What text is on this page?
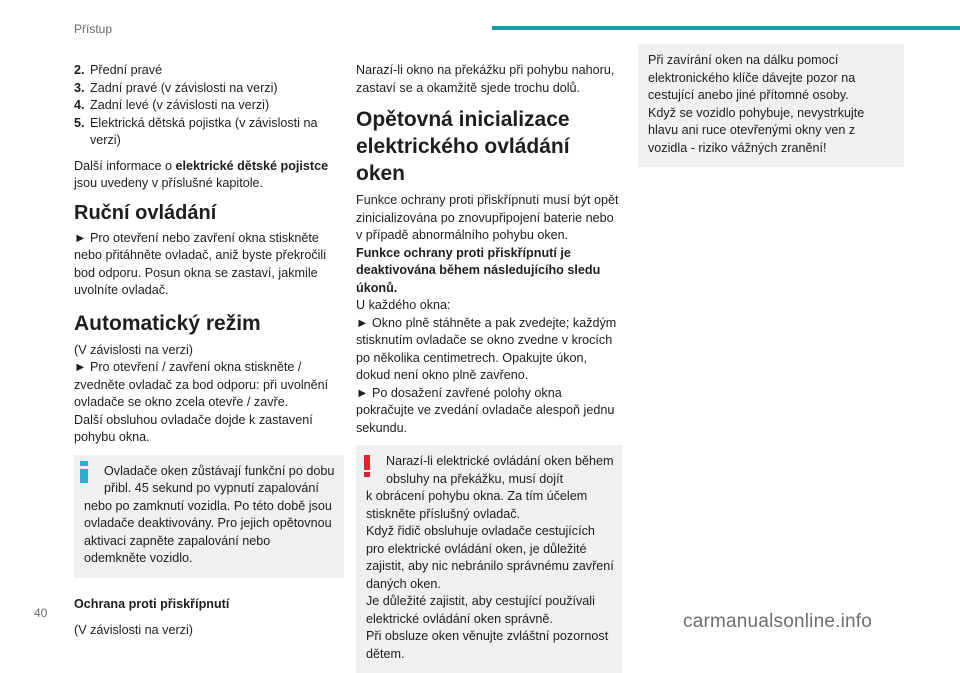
Přístup
2. Přední pravé
3. Zadní pravé (v závislosti na verzi)
4. Zadní levé (v závislosti na verzi)
5. Elektrická dětská pojistka (v závislosti na verzi)

Další informace o elektrické dětské pojistce jsou uvedeny v příslušné kapitole.

Ruční ovládání

► Pro otevření nebo zavření okna stiskněte nebo přitáhněte ovladač, aniž byste překročili bod odporu. Posun okna se zastaví, jakmile uvolníte ovladač.

Automatický režim

(V závislosti na verzi)

► Pro otevření / zavření okna stiskněte / zvedněte ovladač za bod odporu: při uvolnění ovladače se okno zcela otevře / zavře.

Další obsluhou ovladače dojde k zastavení pohybu okna.

Ovladače oken zůstávají funkční po dobu přibl. 45 sekund po vypnutí zapalování
nebo po zamknutí vozidla. Po této době jsou ovladače deaktivovány. Pro jejich opětovnou aktivaci zapněte zapalování nebo odemkněte vozidlo.
Ochrana proti přiskřípnutí

(V závislosti na verzi)

Narazí-li okno na překážku při pohybu nahoru, zastaví se a okamžitě sjede trochu dolů.

Opětovná inicializace elektrického ovládání oken

Funkce ochrany proti přiskřípnutí musí být opět zinicializována po znovupřipojení baterie nebo v případě abnormálního pohybu oken.

Funkce ochrany proti přiskřípnutí je deaktivována během následujícího sledu úkonů.

U každého okna:

► Okno plně stáhněte a pak zvedejte; každým stisknutím ovladače se okno zvedne v krocích po několika centimetrech. Opakujte úkon, dokud není okno plně zavřeno.

► Po dosažení zavřené polohy okna pokračujte ve zvedání ovladače alespoň jednu sekundu.

Narazí-li elektrické ovládání oken během obsluhy na překážku, musí dojít
k obrácení pohybu okna. Za tím účelem stiskněte příslušný ovladač.
Když řidič obsluhuje ovladače cestujících pro elektrické ovládání oken, je důležité zajistit, aby nic nebránilo správnému zavření daných oken.
Je důležité zajistit, aby cestující používali elektrické ovládání oken správně.
Při obsluze oken věnujte zvláštní pozornost dětem.

Při zavírání oken na dálku pomocí elektronického klíče dávejte pozor na cestující anebo jiné přítomné osoby.

Když se vozidlo pohybuje, nevystrkujte hlavu ani ruce otevřenými okny ven z vozidla - riziko vážných zranění!

40	carmanualsonline.info
